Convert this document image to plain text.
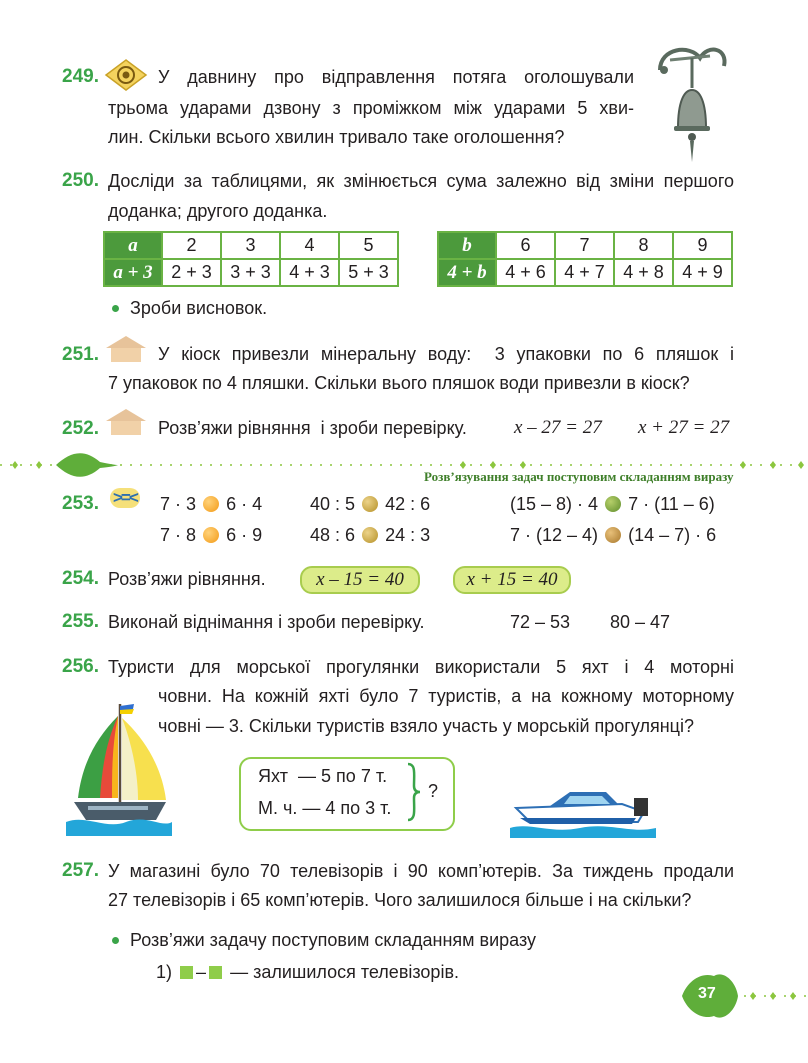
249.	У давнину про відправлення потяга оголошували
трьома ударами дзвону з проміжком між ударами 5 хви-
лин. Скільки всього хвилин тривало таке оголошення?
250. Досліди за таблицями, як змінюється сума залежно від зміни першого
доданка; другого доданка.
a	2	3	4	5
a + 3	2 + 3	3 + 3	4 + 3	5 + 3
b	6	7	8	9
4 + b	4 + 6	4 + 7	4 + 8	4 + 9
Зроби висновок.
251.	У кіоск привезли мінеральну воду:  3 упаковки по 6 пляшок і
7 упаковок по 4 пляшки. Скільки вього пляшок води привезли в кіоск?
252.	Розв’яжи рівняння  і зроби перевірку. x – 27 = 27 x + 27 = 27
Розв’язування задач поступовим складанням виразу
253. >=< 7 · 3 6 · 4	40 : 5 42 : 6	(15 – 8) · 4 7 · (11 – 6)
7 · 8 6 · 9	48 : 6 24 : 3	7 · (12 – 4) (14 – 7) · 6
254. Розв’яжи рівняння.	x – 15 = 40	x + 15 = 40
255. Виконай віднімання і зроби перевірку.	72 – 53 80 – 47
256. Туристи для морської прогулянки використали 5 яхт і 4 моторні
човни. На кожній яхті було 7 туристів, а на кожному моторному
човні — 3. Скільки туристів взяло участь у морській прогулянці?
Яхт  — 5 по 7 т.
М. ч. — 4 по 3 т.
?
257. У магазині було 70 телевізорів і 90 комп’ютерів. За тиждень продали
27 телевізорів і 65 комп’ютерів. Чого залишилося більше і на скільки?
Розв’яжи задачу поступовим складанням виразу
1) – — залишилося телевізорів.
37
